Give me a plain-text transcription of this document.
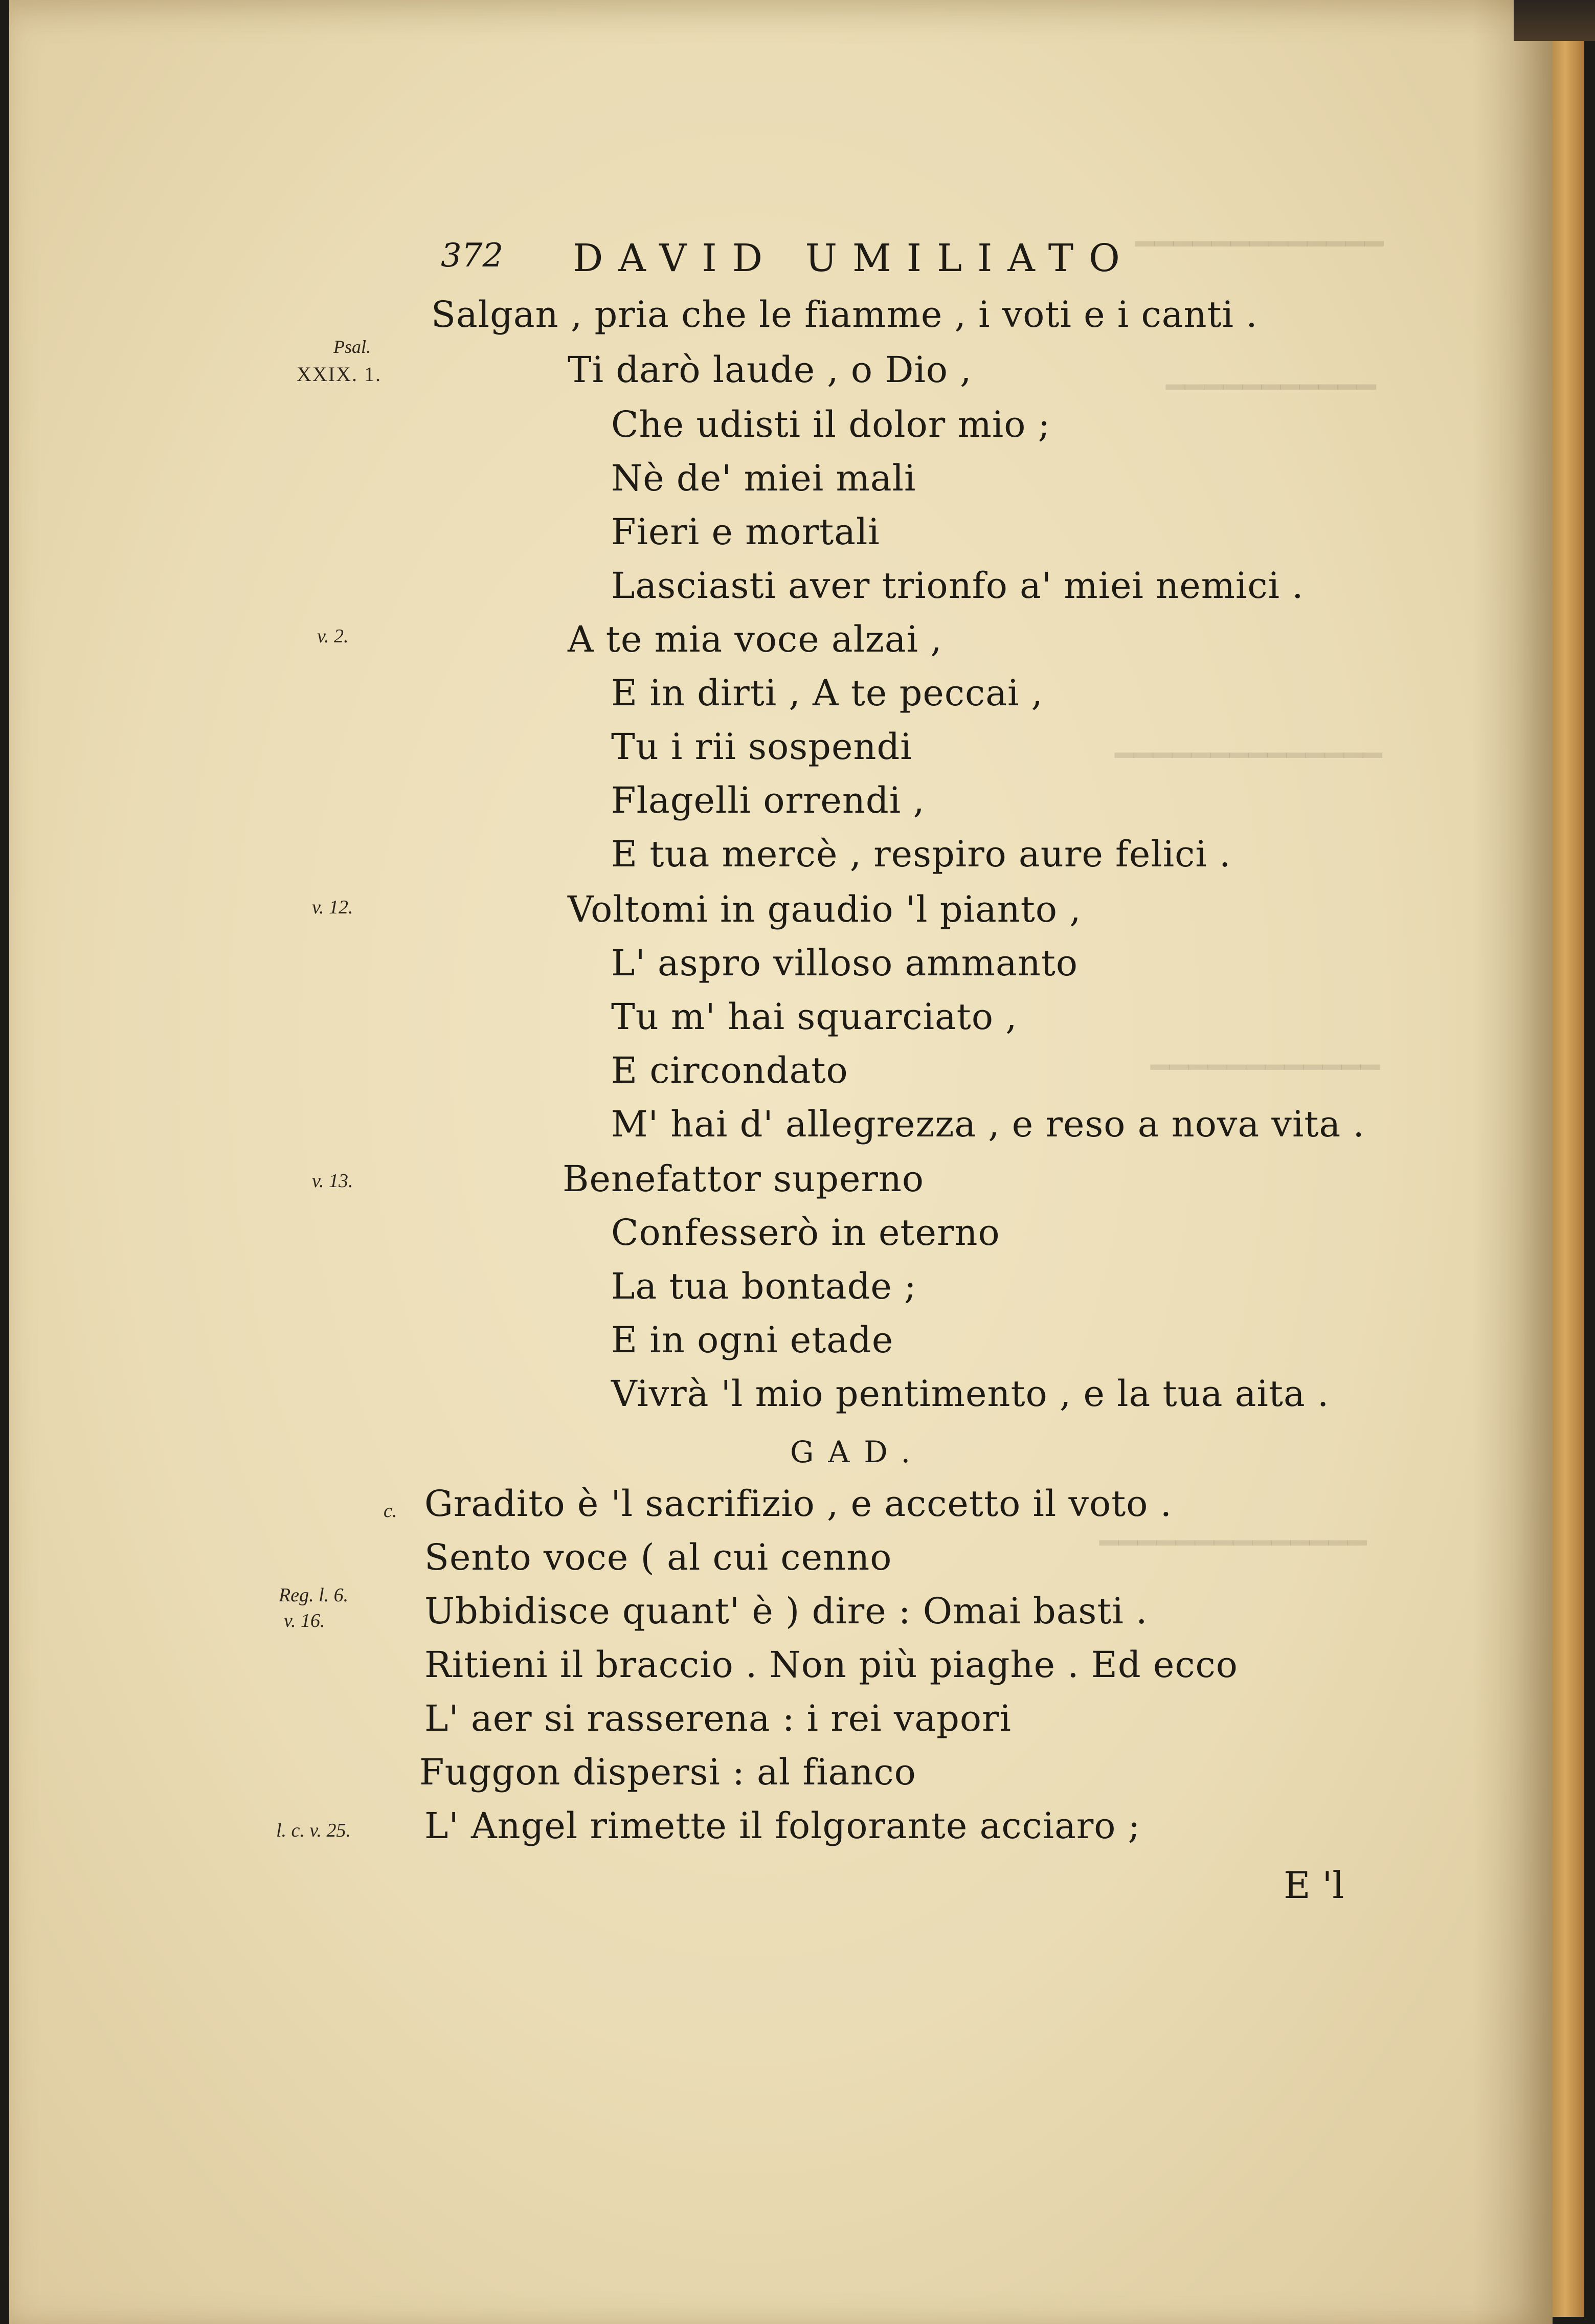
━━━━━━━━━━━━━
━━━━━━━━━━━
━━━━━━━━━━━━━━
━━━━━━━━━━━━
━━━━━━━━━━━━━━
372 DAVID UMILIATO
Salgan , pria che le fiamme , i voti e i canti .
Psal.
XXIX. 1.	Ti darò laude , o Dio ,
Che udisti il dolor mio ;
Nè de' miei mali
Fieri e mortali
Lasciasti aver trionfo a' miei nemici .
v. 2.	A te mia voce alzai ,
E in dirti , A te peccai ,
Tu i rii sospendi
Flagelli orrendi ,
E tua mercè , respiro aure felici .
v. 12.	Voltomi in gaudio 'l pianto ,
L' aspro villoso ammanto
Tu m' hai squarciato ,
E circondato
M' hai d' allegrezza , e reso a nova vita .
v. 13.	Benefattor superno
Confesserò in eterno
La tua bontade ;
E in ogni etade
Vivrà 'l mio pentimento , e la tua aita .
GAD.
c. Gradito è 'l sacrifizio , e accetto il voto .
Sento voce ( al cui cenno
Reg. l. 6.
v. 16.	Ubbidisce quant' è ) dire : Omai basti .
Ritieni il braccio . Non più piaghe . Ed ecco
L' aer si rasserena : i rei vapori
Fuggon dispersi : al fianco
l. c. v. 25. L' Angel rimette il folgorante acciaro ;
E 'l
